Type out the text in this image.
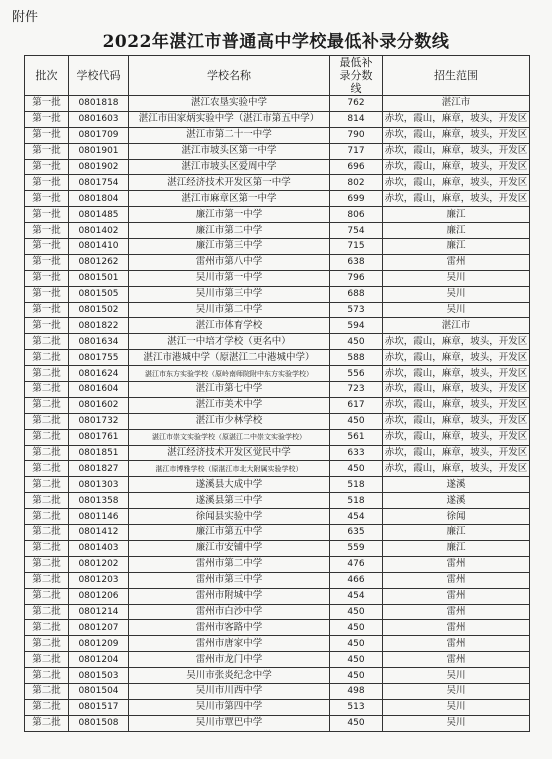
附件
2022年湛江市普通高中学校最低补录分数线
批次	学校代码	学校名称	最低补录分数线	招生范围
第一批	0801818	湛江农垦实验中学	762	湛江市
第一批	0801603	湛江市田家炳实验中学（湛江市第五中学）	814	赤坎，霞山，麻章，坡头，开发区
第一批	0801709	湛江市第二十一中学	790	赤坎，霞山，麻章，坡头，开发区
第一批	0801901	湛江市坡头区第一中学	717	赤坎，霞山，麻章，坡头，开发区
第一批	0801902	湛江市坡头区爱周中学	696	赤坎，霞山，麻章，坡头，开发区
第一批	0801754	湛江经济技术开发区第一中学	802	赤坎，霞山，麻章，坡头，开发区
第一批	0801804	湛江市麻章区第一中学	699	赤坎，霞山，麻章，坡头，开发区
第一批	0801485	廉江市第一中学	806	廉江
第一批	0801402	廉江市第二中学	754	廉江
第一批	0801410	廉江市第三中学	715	廉江
第一批	0801262	雷州市第八中学	638	雷州
第一批	0801501	吴川市第一中学	796	吴川
第一批	0801505	吴川市第三中学	688	吴川
第一批	0801502	吴川市第二中学	573	吴川
第一批	0801822	湛江市体育学校	594	湛江市
第二批	0801634	湛江一中培才学校（更名中）	450	赤坎，霞山，麻章，坡头，开发区
第二批	0801755	湛江市港城中学（原湛江二中港城中学）	588	赤坎，霞山，麻章，坡头，开发区
第二批	0801624	湛江市东方实验学校（原岭南师院附中东方实验学校）	556	赤坎，霞山，麻章，坡头，开发区
第二批	0801604	湛江市第七中学	723	赤坎，霞山，麻章，坡头，开发区
第二批	0801602	湛江市美术中学	617	赤坎，霞山，麻章，坡头，开发区
第二批	0801732	湛江市少林学校	450	赤坎，霞山，麻章，坡头，开发区
第二批	0801761	湛江市崇文实验学校（原湛江二中崇文实验学校）	561	赤坎，霞山，麻章，坡头，开发区
第二批	0801851	湛江经济技术开发区觉民中学	633	赤坎，霞山，麻章，坡头，开发区
第二批	0801827	湛江市博雅学校（原湛江市北大附属实验学校）	450	赤坎，霞山，麻章，坡头，开发区
第二批	0801303	遂溪县大成中学	518	遂溪
第二批	0801358	遂溪县第三中学	518	遂溪
第二批	0801146	徐闻县实验中学	454	徐闻
第二批	0801412	廉江市第五中学	635	廉江
第二批	0801403	廉江市安铺中学	559	廉江
第二批	0801202	雷州市第二中学	476	雷州
第二批	0801203	雷州市第三中学	466	雷州
第二批	0801206	雷州市附城中学	454	雷州
第二批	0801214	雷州市白沙中学	450	雷州
第二批	0801207	雷州市客路中学	450	雷州
第二批	0801209	雷州市唐家中学	450	雷州
第二批	0801204	雷州市龙门中学	450	雷州
第二批	0801503	吴川市张炎纪念中学	450	吴川
第二批	0801504	吴川市川西中学	498	吴川
第二批	0801517	吴川市第四中学	513	吴川
第二批	0801508	吴川市覃巴中学	450	吴川
